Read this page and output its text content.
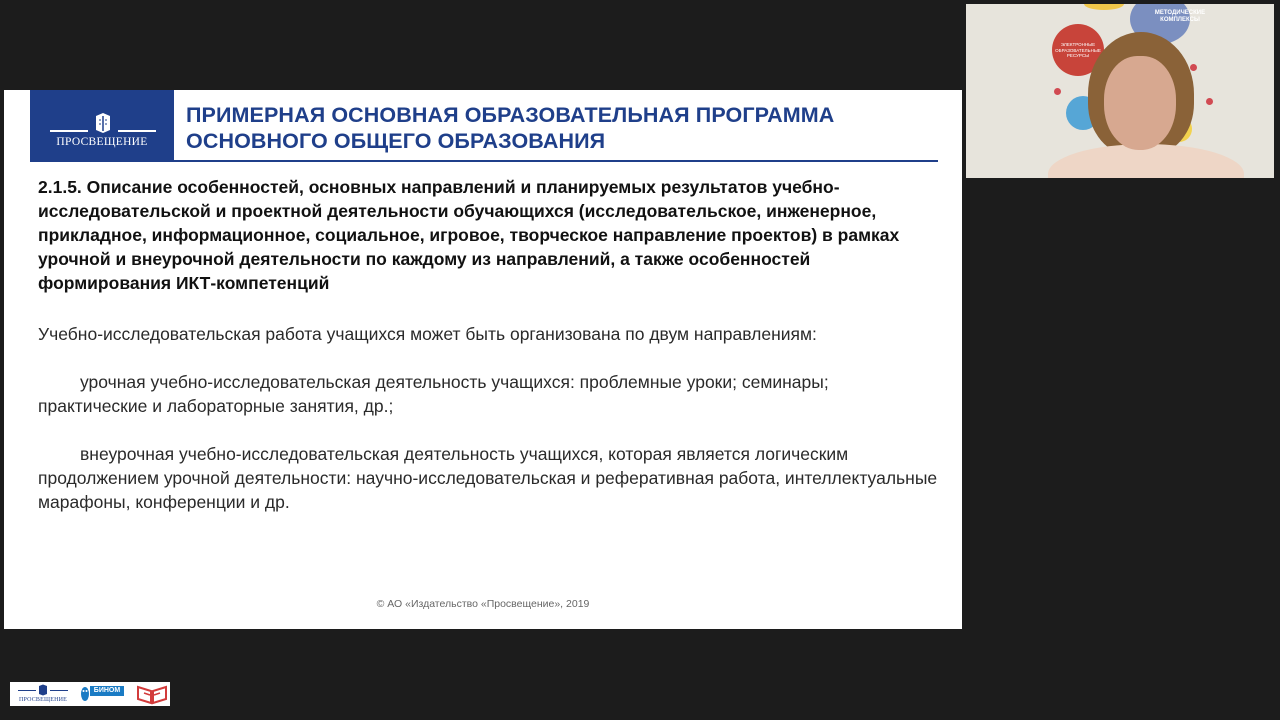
ПРОСВЕЩЕНИЕ
ПРИМЕРНАЯ ОСНОВНАЯ ОБРАЗОВАТЕЛЬНАЯ ПРОГРАММА ОСНОВНОГО ОБЩЕГО ОБРАЗОВАНИЯ
2.1.5. Описание особенностей, основных направлений и планируемых результатов учебно-исследовательской и проектной деятельности обучающихся (исследовательское, инженерное, прикладное, информационное, социальное, игровое, творческое направление проектов) в рамках урочной и внеурочной деятельности по каждому из направлений, а также особенностей формирования ИКТ-компетенций
Учебно-исследовательская работа учащихся может быть организована по двум направлениям:
урочная учебно-исследовательская деятельность учащихся: проблемные уроки; семинары; практические и лабораторные занятия, др.;
внеурочная учебно-исследовательская деятельность учащихся, которая является логическим продолжением урочной деятельности: научно-исследовательская и реферативная работа, интеллектуальные марафоны, конференции и др.
© АО «Издательство «Просвещение», 2019
МЕТОДИЧЕСКИЕ КОМПЛЕКСЫ
ЭЛЕКТРОННЫЕ ОБРАЗОВАТЕЛЬНЫЕ РЕСУРСЫ
ПРОСВЕЩЕНИЕ
БИНОМ
